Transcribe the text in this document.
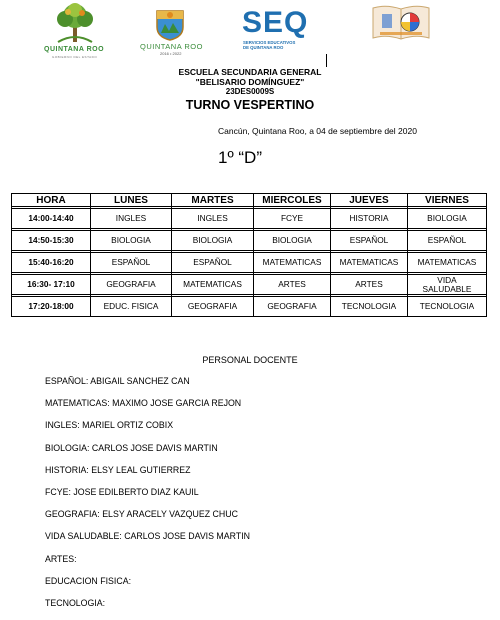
QUINTANA ROO
GOBIERNO DEL ESTADO
QUINTANA ROO
2016 • 2022
SEQ
SERVICIOS EDUCATIVOS
DE QUINTANA ROO
ESCUELA SECUNDARIA GENERAL
"BELISARIO DOMÍNGUEZ"
23DES0009S
TURNO VESPERTINO
Cancún, Quintana Roo, a 04 de septiembre del 2020
1º “D”
HORA	LUNES	MARTES	MIERCOLES	JUEVES	VIERNES

14:00-14:40	INGLES	INGLES	FCYE	HISTORIA	BIOLOGIA

14:50-15:30	BIOLOGIA	BIOLOGIA	BIOLOGIA	ESPAÑOL	ESPAÑOL

15:40-16:20	ESPAÑOL	ESPAÑOL	MATEMATICAS	MATEMATICAS	MATEMATICAS

16:30- 17:10	GEOGRAFIA	MATEMATICAS	ARTES	ARTES	VIDA
SALUDABLE

17:20-18:00	EDUC. FISICA	GEOGRAFIA	GEOGRAFIA	TECNOLOGIA	TECNOLOGIA
PERSONAL DOCENTE
ESPAÑOL: ABIGAIL SANCHEZ CAN
MATEMATICAS: MAXIMO JOSE GARCIA REJON
INGLES: MARIEL ORTIZ COBIX
BIOLOGIA: CARLOS JOSE DAVIS MARTIN
HISTORIA: ELSY LEAL GUTIERREZ
FCYE: JOSE EDILBERTO DIAZ KAUIL
GEOGRAFIA: ELSY ARACELY VAZQUEZ CHUC
VIDA SALUDABLE: CARLOS JOSE DAVIS MARTIN
ARTES:
EDUCACION FISICA:
TECNOLOGIA:
